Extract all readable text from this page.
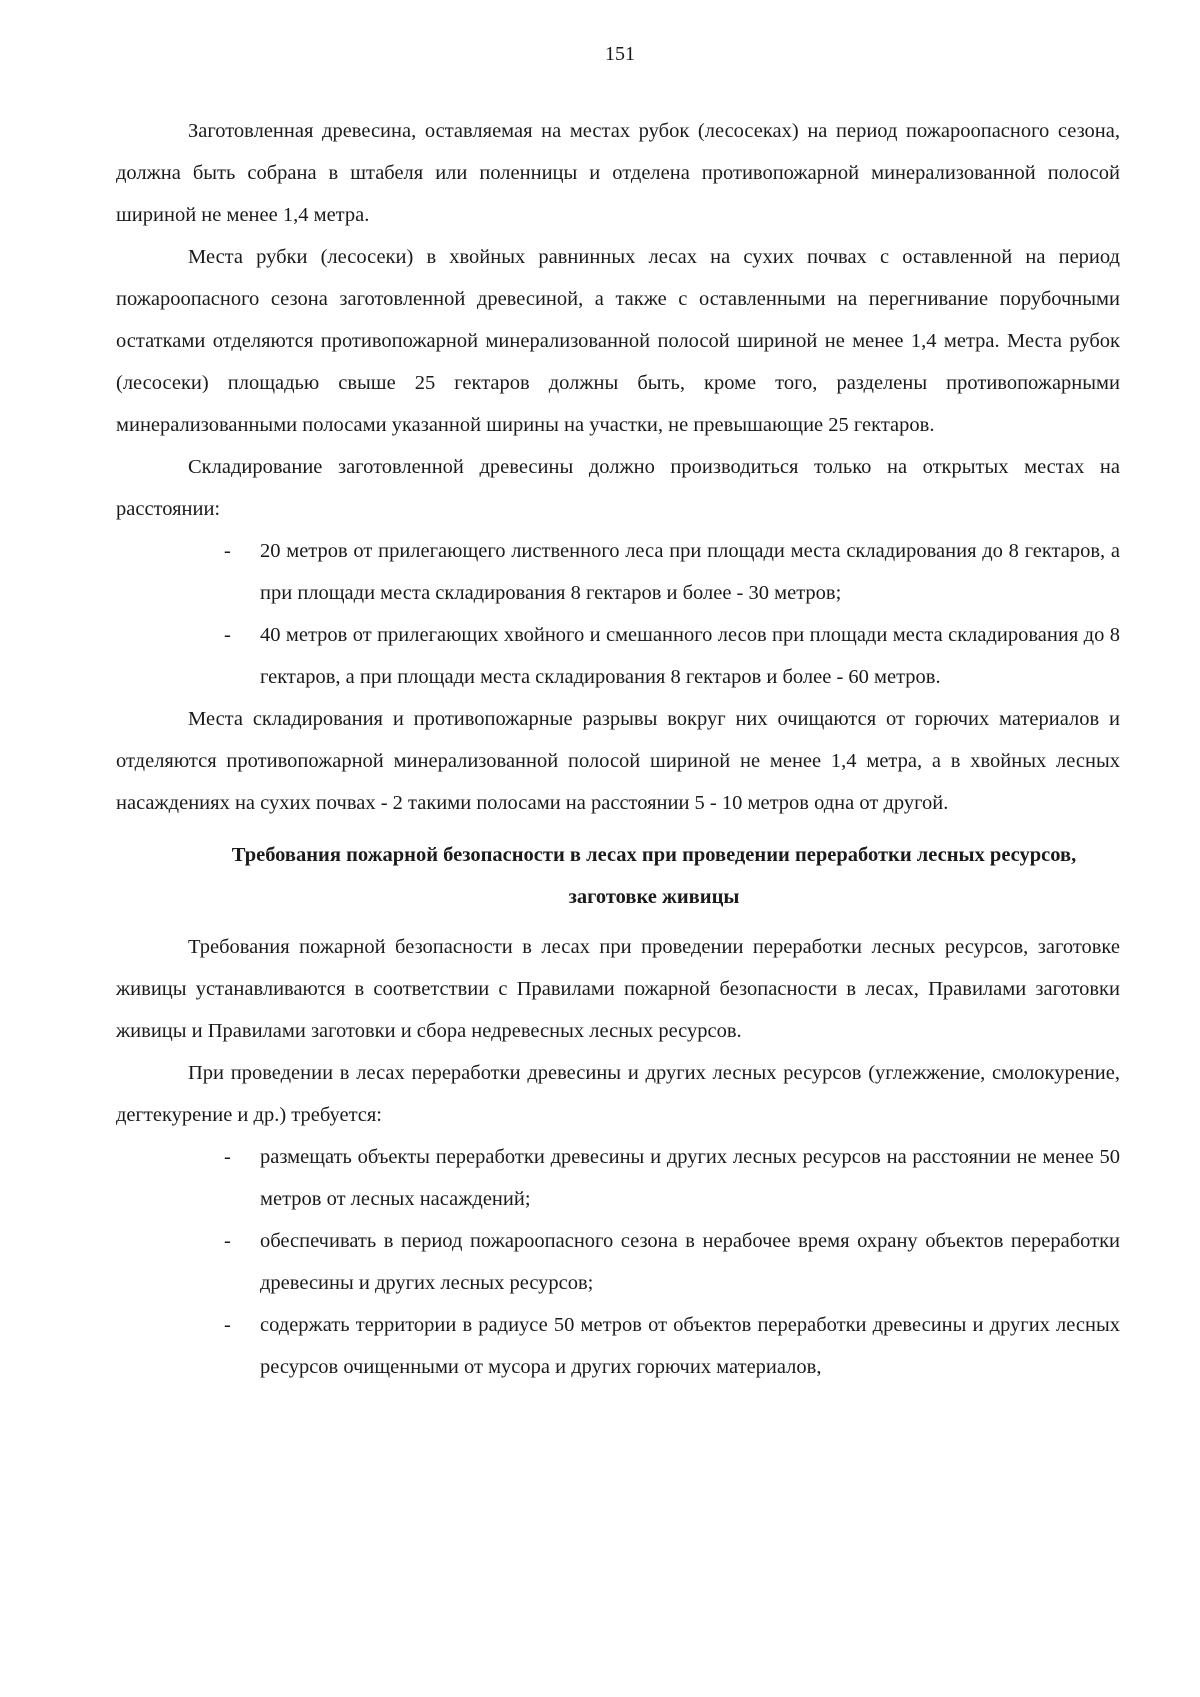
151

Заготовленная древесина, оставляемая на местах рубок (лесосеках) на период пожароопасного сезона, должна быть собрана в штабеля или поленницы и отделена противопожарной минерализованной полосой шириной не менее 1,4 метра.

Места рубки (лесосеки) в хвойных равнинных лесах на сухих почвах с оставленной на период пожароопасного сезона заготовленной древесиной, а также с оставленными на перегнивание порубочными остатками отделяются противопожарной минерализованной полосой шириной не менее 1,4 метра. Места рубок (лесосеки) площадью свыше 25 гектаров должны быть, кроме того, разделены противопожарными минерализованными полосами указанной ширины на участки, не превышающие 25 гектаров.

Складирование заготовленной древесины должно производиться только на открытых местах на расстоянии:

- 20 метров от прилегающего лиственного леса при площади места складирования до 8 гектаров, а при площади места складирования 8 гектаров и более - 30 метров;
- 40 метров от прилегающих хвойного и смешанного лесов при площади места складирования до 8 гектаров, а при площади места складирования 8 гектаров и более - 60 метров.

Места складирования и противопожарные разрывы вокруг них очищаются от горючих материалов и отделяются противопожарной минерализованной полосой шириной не менее 1,4 метра, а в хвойных лесных насаждениях на сухих почвах - 2 такими полосами на расстоянии 5 - 10 метров одна от другой.

Требования пожарной безопасности в лесах при проведении переработки лесных ресурсов, заготовке живицы

Требования пожарной безопасности в лесах при проведении переработки лесных ресурсов, заготовке живицы устанавливаются в соответствии с Правилами пожарной безопасности в лесах, Правилами заготовки живицы и Правилами заготовки и сбора недревесных лесных ресурсов.

При проведении в лесах переработки древесины и других лесных ресурсов (углежжение, смолокурение, дегтекурение и др.) требуется:

- размещать объекты переработки древесины и других лесных ресурсов на расстоянии не менее 50 метров от лесных насаждений;
- обеспечивать в период пожароопасного сезона в нерабочее время охрану объектов переработки древесины и других лесных ресурсов;
- содержать территории в радиусе 50 метров от объектов переработки древесины и других лесных ресурсов очищенными от мусора и других горючих материалов,
